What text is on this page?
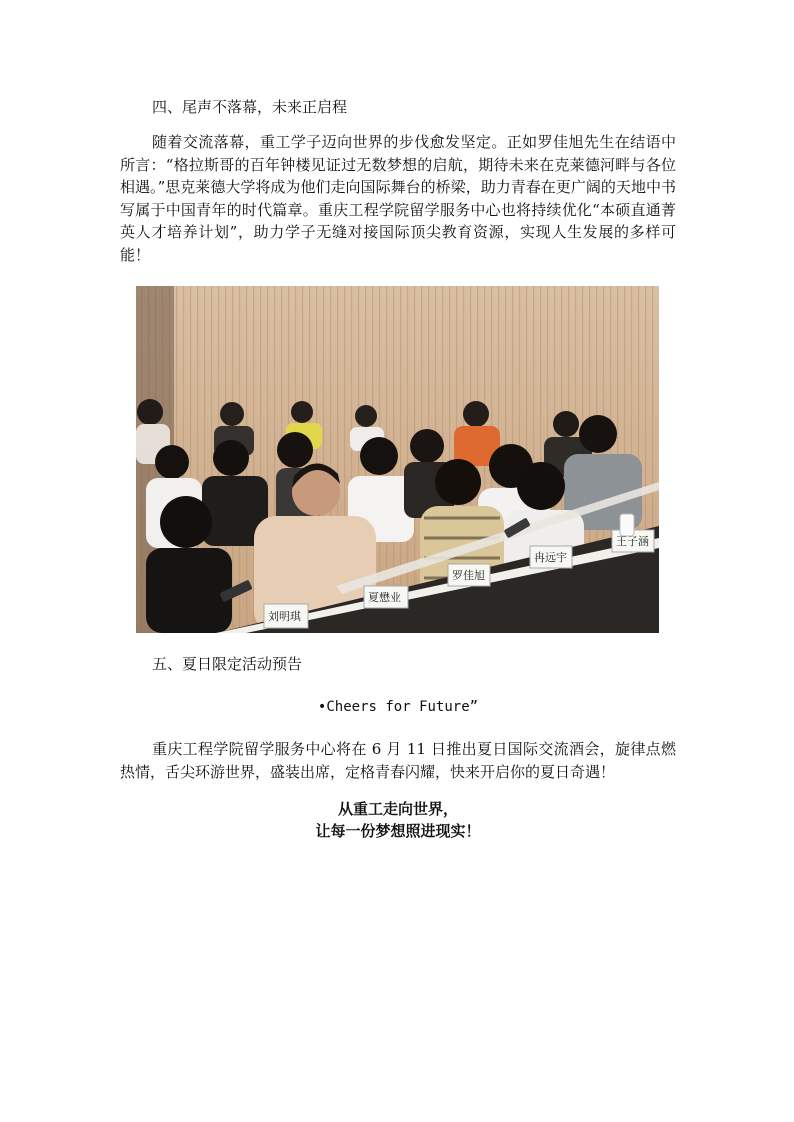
四、尾声不落幕，未来正启程
随着交流落幕，重工学子迈向世界的步伐愈发坚定。正如罗佳旭先生在结语中所言：“格拉斯哥的百年钟楼见证过无数梦想的启航，期待未来在克莱德河畔与各位相遇。”思克莱德大学将成为他们走向国际舞台的桥梁，助力青春在更广阔的天地中书写属于中国青年的时代篇章。重庆工程学院留学服务中心也将持续优化“本硕直通菁英人才培养计划”，助力学子无缝对接国际顶尖教育资源，实现人生发展的多样可能！
刘明琪
夏懋业
罗佳旭
冉远宇
王子涵
五、夏日限定活动预告
•Cheers for Future”
重庆工程学院留学服务中心将在 6 月 11 日推出夏日国际交流酒会，旋律点燃热情，舌尖环游世界，盛装出席，定格青春闪耀，快来开启你的夏日奇遇！
从重工走向世界，
让每一份梦想照进现实！
